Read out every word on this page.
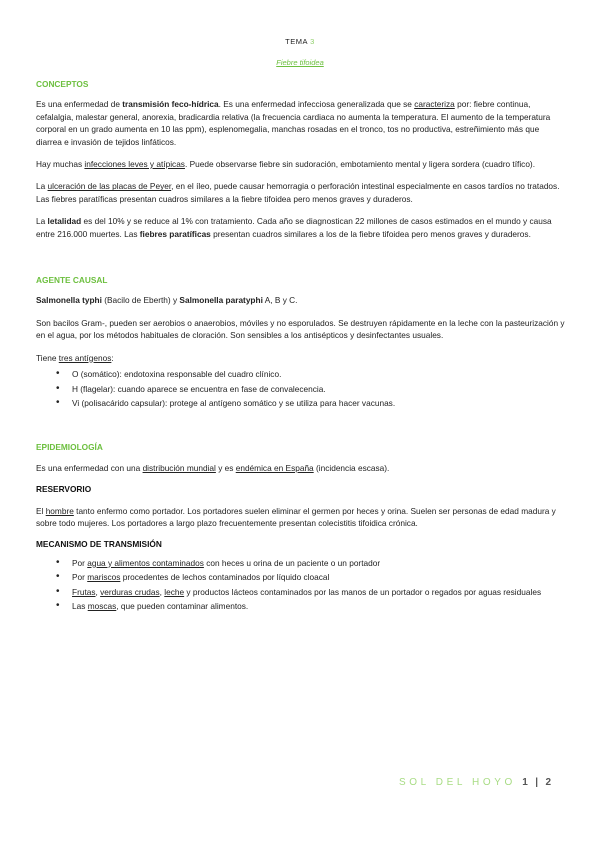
TEMA 3
Fiebre tifoidea

CONCEPTOS

Es una enfermedad de transmisión feco-hídrica. Es una enfermedad infecciosa generalizada que se caracteriza por: fiebre continua, cefalalgia, malestar general, anorexia, bradicardia relativa (la frecuencia cardiaca no aumenta la temperatura. El aumento de la temperatura corporal en un grado aumenta en 10 las ppm), esplenomegalia, manchas rosadas en el tronco, tos no productiva, estreñimiento más que diarrea e invasión de tejidos linfáticos.

Hay muchas infecciones leves y atípicas. Puede observarse fiebre sin sudoración, embotamiento mental y ligera sordera (cuadro tífico).

La ulceración de las placas de Peyer, en el íleo, puede causar hemorragia o perforación intestinal especialmente en casos tardíos no tratados. Las fiebres paratíficas presentan cuadros similares a la fiebre tifoidea pero menos graves y duraderos.

La letalidad es del 10% y se reduce al 1% con tratamiento. Cada año se diagnostican 22 millones de casos estimados en el mundo y causa entre 216.000 muertes. Las fiebres paratíficas presentan cuadros similares a los de la fiebre tifoidea pero menos graves y duraderos.

AGENTE CAUSAL

Salmonella typhi (Bacilo de Eberth) y Salmonella paratyphi A, B y C.

Son bacilos Gram-, pueden ser aerobios o anaerobios, móviles y no esporulados. Se destruyen rápidamente en la leche con la pasteurización y en el agua, por los métodos habituales de cloración. Son sensibles a los antisépticos y desinfectantes usuales.

Tiene tres antígenos:

• O (somático): endotoxina responsable del cuadro clínico.
• H (flagelar): cuando aparece se encuentra en fase de convalecencia.
• Vi (polisacárido capsular): protege al antígeno somático y se utiliza para hacer vacunas.

EPIDEMIOLOGÍA

Es una enfermedad con una distribución mundial y es endémica en España (incidencia escasa).

RESERVORIO

El hombre tanto enfermo como portador. Los portadores suelen eliminar el germen por heces y orina. Suelen ser personas de edad madura y sobre todo mujeres. Los portadores a largo plazo frecuentemente presentan colecistitis tifoidica crónica.

MECANISMO DE TRANSMISIÓN

• Por agua y alimentos contaminados con heces u orina de un paciente o un portador
• Por mariscos procedentes de lechos contaminados por líquido cloacal
• Frutas, verduras crudas, leche y productos lácteos contaminados por las manos de un portador o regados por aguas residuales
• Las moscas, que pueden contaminar alimentos.
SOL DEL HOYO 1 | 2
